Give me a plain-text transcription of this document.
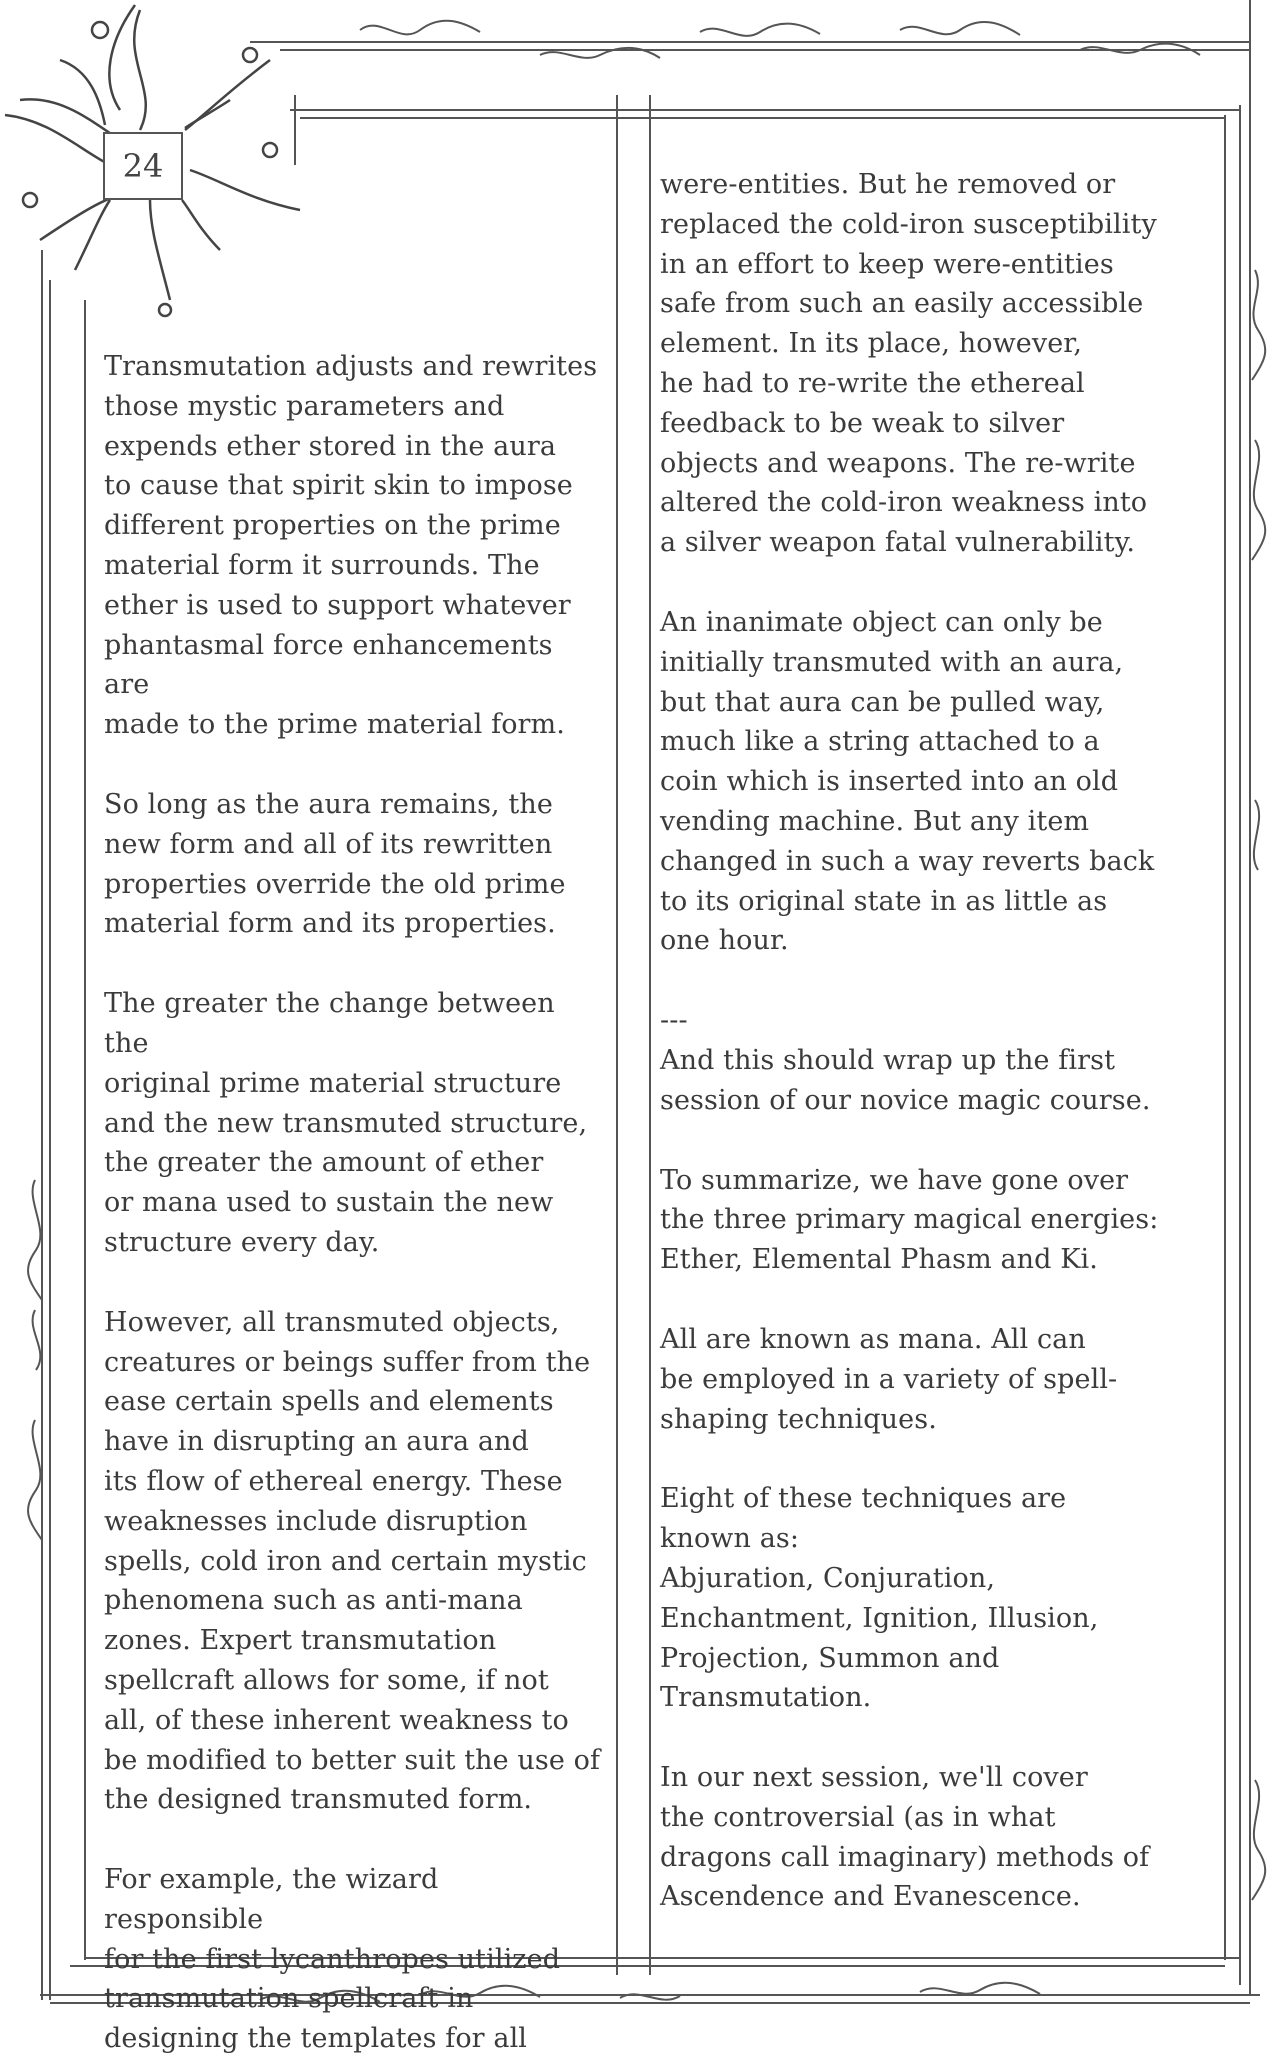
24

Transmutation adjusts and rewrites
those mystic parameters and
expends ether stored in the aura
to cause that spirit skin to impose
different properties on the prime
material form it surrounds. The
ether is used to support whatever
phantasmal force enhancements are
made to the prime material form.

So long as the aura remains, the
new form and all of its rewritten
properties override the old prime
material form and its properties.

The greater the change between the
original prime material structure
and the new transmuted structure,
the greater the amount of ether
or mana used to sustain the new
structure every day.

However, all transmuted objects,
creatures or beings suffer from the
ease certain spells and elements
have in disrupting an aura and
its flow of ethereal energy. These
weaknesses include disruption
spells, cold iron and certain mystic
phenomena such as anti-mana
zones. Expert transmutation
spellcraft allows for some, if not
all, of these inherent weakness to
be modified to better suit the use of
the designed transmuted form.

For example, the wizard responsible
for the first lycanthropes utilized
transmutation spellcraft in
designing the templates for all

were-entities. But he removed or
replaced the cold-iron susceptibility
in an effort to keep were-entities
safe from such an easily accessible
element. In its place, however,
he had to re-write the ethereal
feedback to be weak to silver
objects and weapons. The re-write
altered the cold-iron weakness into
a silver weapon fatal vulnerability.

An inanimate object can only be
initially transmuted with an aura,
but that aura can be pulled way,
much like a string attached to a
coin which is inserted into an old
vending machine. But any item
changed in such a way reverts back
to its original state in as little as
one hour.

---
And this should wrap up the first
session of our novice magic course.

To summarize, we have gone over
the three primary magical energies:
Ether, Elemental Phasm and Ki.

All are known as mana. All can
be employed in a variety of spell-
shaping techniques.

Eight of these techniques are
known as:
Abjuration, Conjuration,
Enchantment, Ignition, Illusion,
Projection, Summon and
Transmutation.

In our next session, we'll cover
the controversial (as in what
dragons call imaginary) methods of
Ascendence and Evanescence.
